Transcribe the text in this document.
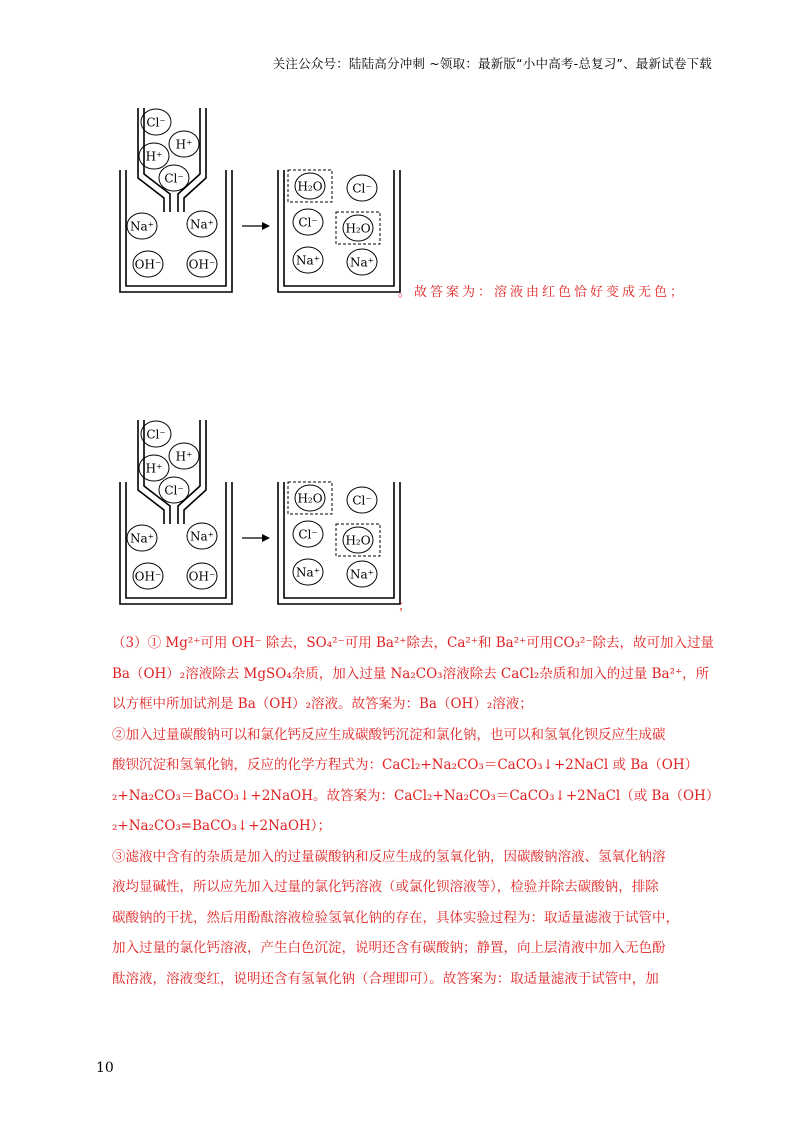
关注公众号：陆陆高分冲刺 ~领取：最新版“小中高考-总复习”、最新试卷下载
Cl⁻
H⁺
H⁺
Cl⁻
Na⁺	Na⁺
OH⁻ OH⁻
H₂O Cl⁻
Cl⁻ H₂O
Na⁺	Na⁺
。故答案为：溶液由红色恰好变成无色；
Cl⁻
H⁺
H⁺
Cl⁻
Na⁺	Na⁺
OH⁻ OH⁻
H₂O Cl⁻
Cl⁻ H₂O
Na⁺	Na⁺
；
（3）① Mg²⁺可用 OH⁻ 除去，SO₄²⁻可用 Ba²⁺除去，Ca²⁺和 Ba²⁺可用CO₃²⁻除去，故可加入过量
Ba（OH）₂溶液除去 MgSO₄杂质，加入过量 Na₂CO₃溶液除去 CaCl₂杂质和加入的过量 Ba²⁺，所
以方框中所加试剂是 Ba（OH）₂溶液。故答案为：Ba（OH）₂溶液；
②加入过量碳酸钠可以和氯化钙反应生成碳酸钙沉淀和氯化钠，也可以和氢氧化钡反应生成碳
酸钡沉淀和氢氧化钠，反应的化学方程式为：CaCl₂+Na₂CO₃＝CaCO₃↓+2NaCl 或 Ba（OH）
₂+Na₂CO₃＝BaCO₃↓+2NaOH。故答案为：CaCl₂+Na₂CO₃＝CaCO₃↓+2NaCl（或 Ba（OH）
₂+Na₂CO₃=BaCO₃↓+2NaOH）；
③滤液中含有的杂质是加入的过量碳酸钠和反应生成的氢氧化钠，因碳酸钠溶液、氢氧化钠溶
液均显碱性，所以应先加入过量的氯化钙溶液（或氯化钡溶液等），检验并除去碳酸钠，排除
碳酸钠的干扰，然后用酚酞溶液检验氢氧化钠的存在，具体实验过程为：取适量滤液于试管中，
加入过量的氯化钙溶液，产生白色沉淀，说明还含有碳酸钠；静置，向上层清液中加入无色酚
酞溶液，溶液变红，说明还含有氢氧化钠（合理即可）。故答案为：取适量滤液于试管中，加
10
